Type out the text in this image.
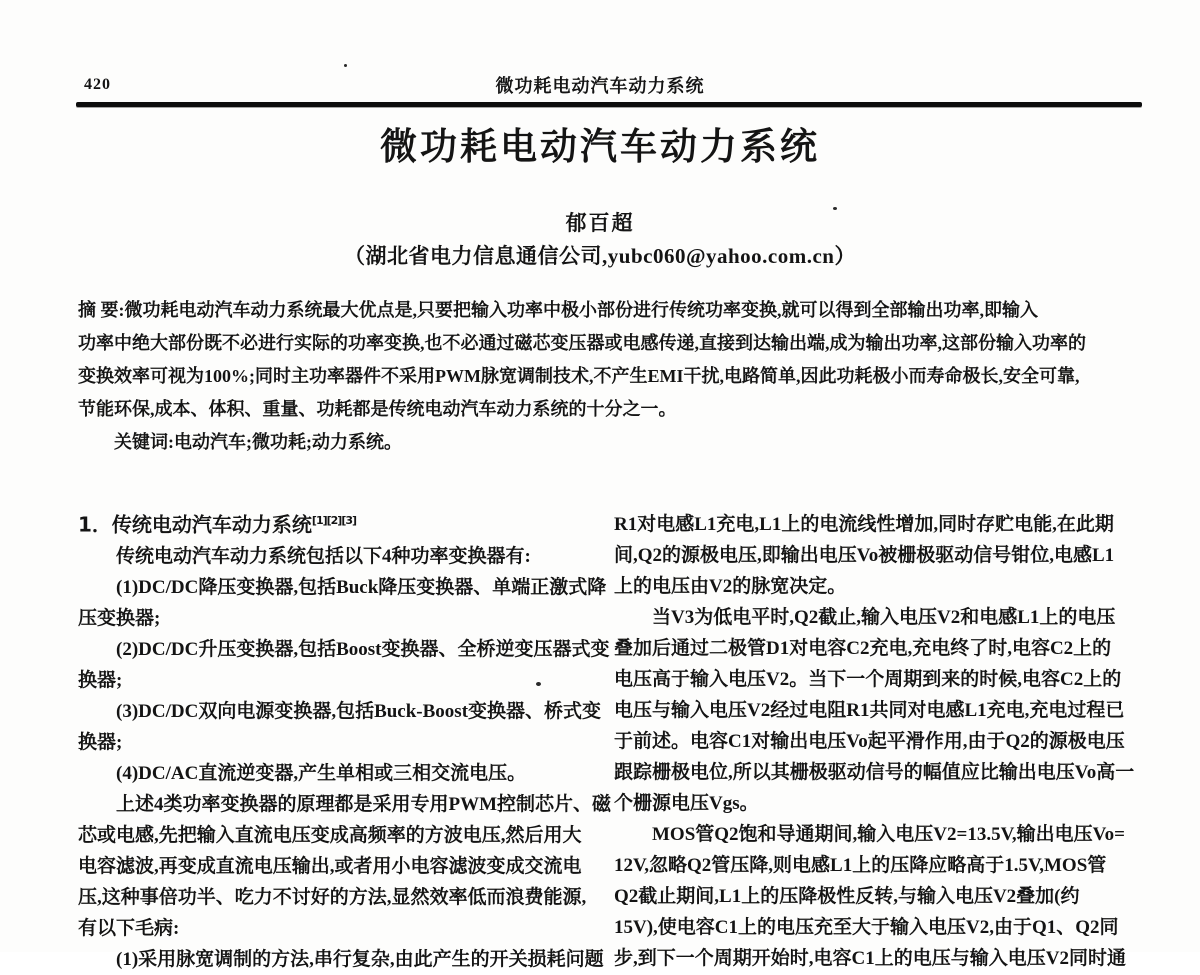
420	微功耗电动汽车动力系统
微功耗电动汽车动力系统
郁百超
（湖北省电力信息通信公司,yubc060@yahoo.com.cn）
摘 要:微功耗电动汽车动力系统最大优点是,只要把输入功率中极小部份进行传统功率变换,就可以得到全部输出功率,即输入
功率中绝大部份既不必进行实际的功率变换,也不必通过磁芯变压器或电感传递,直接到达输出端,成为输出功率,这部份输入功率的
变换效率可视为100%;同时主功率器件不采用PWM脉宽调制技术,不产生EMI干扰,电路简单,因此功耗极小而寿命极长,安全可靠,
节能环保,成本、体积、重量、功耗都是传统电动汽车动力系统的十分之一。
关键词:电动汽车;微功耗;动力系统。
1．传统电动汽车动力系统[1][2][3]
传统电动汽车动力系统包括以下4种功率变换器有:
(1)DC/DC降压变换器,包括Buck降压变换器、单端正激式降
压变换器;
(2)DC/DC升压变换器,包括Boost变换器、全桥逆变压器式变
换器;
(3)DC/DC双向电源变换器,包括Buck-Boost变换器、桥式变
换器;
(4)DC/AC直流逆变器,产生单相或三相交流电压。
上述4类功率变换器的原理都是采用专用PWM控制芯片、磁
芯或电感,先把输入直流电压变成高频率的方波电压,然后用大
电容滤波,再变成直流电压输出,或者用小电容滤波变成交流电
压,这种事倍功半、吃力不讨好的方法,显然效率低而浪费能源,
有以下毛病:
(1)采用脉宽调制的方法,串行复杂,由此产生的开关损耗问题
R1对电感L1充电,L1上的电流线性增加,同时存贮电能,在此期
间,Q2的源极电压,即输出电压Vo被栅极驱动信号钳位,电感L1
上的电压由V2的脉宽决定。
当V3为低电平时,Q2截止,输入电压V2和电感L1上的电压
叠加后通过二极管D1对电容C2充电,充电终了时,电容C2上的
电压高于输入电压V2。当下一个周期到来的时候,电容C2上的
电压与输入电压V2经过电阻R1共同对电感L1充电,充电过程已
于前述。电容C1对输出电压Vo起平滑作用,由于Q2的源极电压
跟踪栅极电位,所以其栅极驱动信号的幅值应比输出电压Vo高一
个栅源电压Vgs。
MOS管Q2饱和导通期间,输入电压V2=13.5V,输出电压Vo=
12V,忽略Q2管压降,则电感L1上的压降应略高于1.5V,MOS管
Q2截止期间,L1上的压降极性反转,与输入电压V2叠加(约
15V),使电容C1上的电压充至大于输入电压V2,由于Q1、Q2同
步,到下一个周期开始时,电容C1上的电压与输入电压V2同时通
